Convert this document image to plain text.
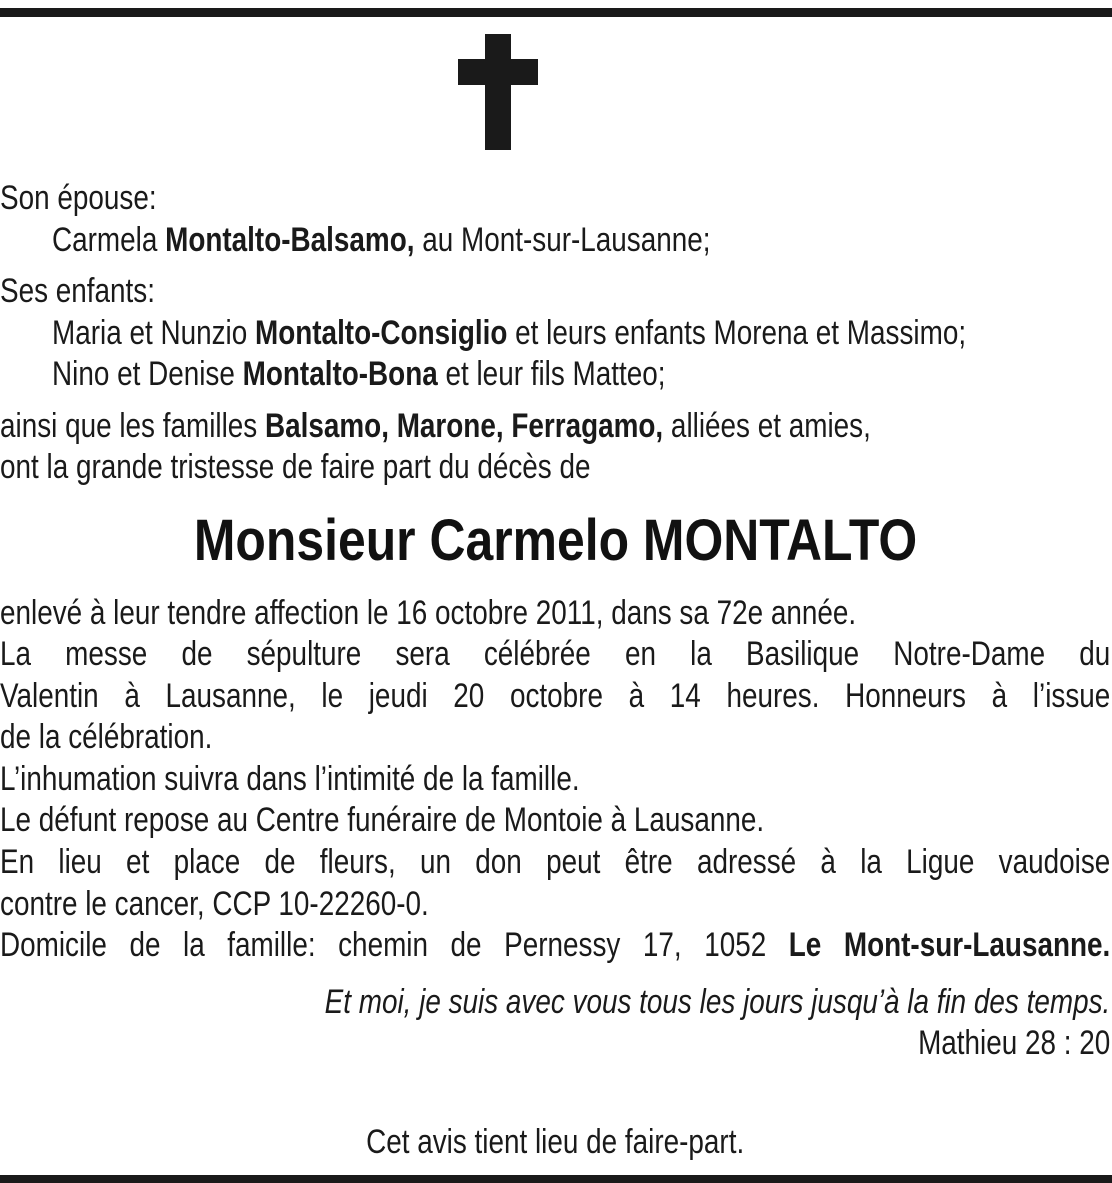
Son épouse:
Carmela Montalto-Balsamo, au Mont-sur-Lausanne;
Ses enfants:
Maria et Nunzio Montalto-Consiglio et leurs enfants Morena et Massimo;
Nino et Denise Montalto-Bona et leur fils Matteo;
ainsi que les familles Balsamo, Marone, Ferragamo, alliées et amies,
ont la grande tristesse de faire part du décès de
Monsieur Carmelo MONTALTO
enlevé à leur tendre affection le 16 octobre 2011, dans sa 72e année.
La messe de sépulture sera célébrée en la Basilique Notre-Dame du
Valentin à Lausanne, le jeudi 20 octobre à 14 heures. Honneurs à l’issue
de la célébration.
L’inhumation suivra dans l’intimité de la famille.
Le défunt repose au Centre funéraire de Montoie à Lausanne.
En lieu et place de fleurs, un don peut être adressé à la Ligue vaudoise
contre le cancer, CCP 10-22260-0.
Domicile de la famille: chemin de Pernessy 17, 1052 Le Mont-sur-Lausanne.
Et moi, je suis avec vous tous les jours jusqu’à la fin des temps.
Mathieu 28 : 20
Cet avis tient lieu de faire-part.
